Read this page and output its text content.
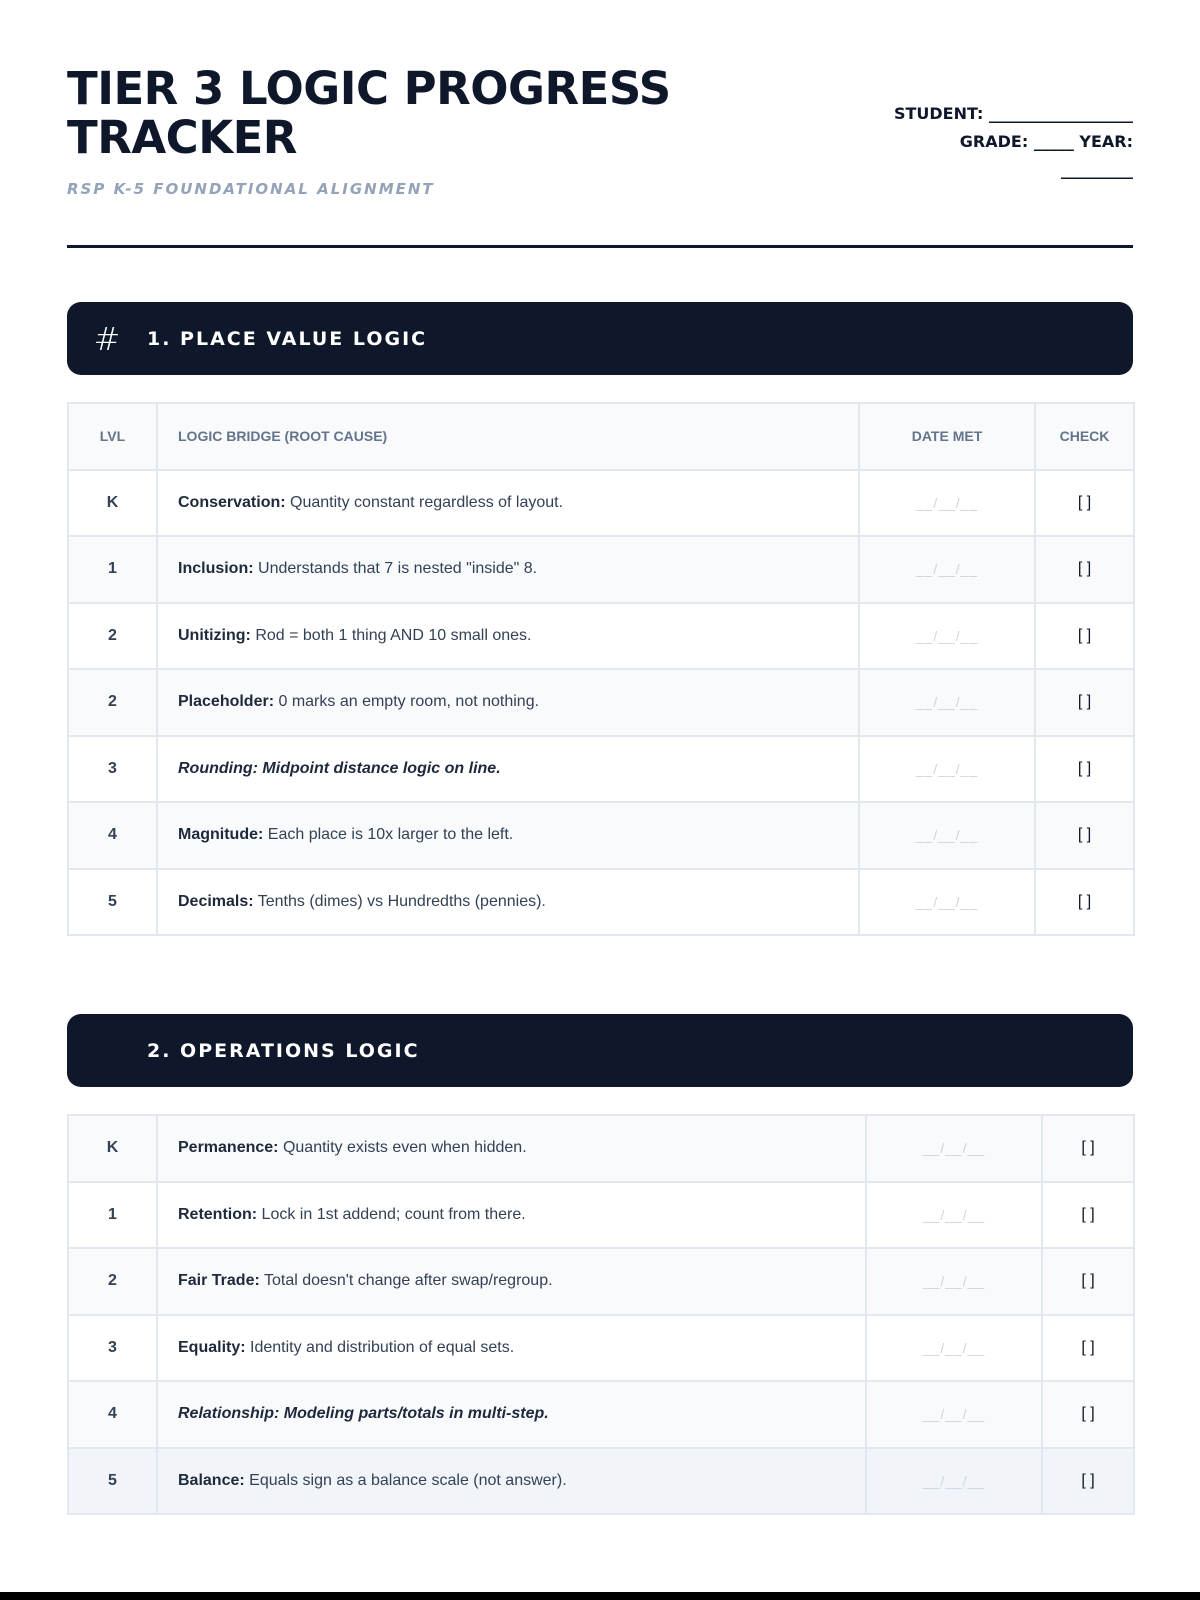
TIER 3 LOGIC PROGRESS TRACKER
RSP K-5 FOUNDATIONAL ALIGNMENT
STUDENT: __________________
GRADE: _____ YEAR:
_________
#	1. PLACE VALUE LOGIC
LVL	LOGIC BRIDGE (ROOT CAUSE)	DATE MET	CHECK
K	Conservation: Quantity constant regardless of layout.	__/__/__	[ ]
1	Inclusion: Understands that 7 is nested "inside" 8.	__/__/__	[ ]
2	Unitizing: Rod = both 1 thing AND 10 small ones.	__/__/__	[ ]
2	Placeholder: 0 marks an empty room, not nothing.	__/__/__	[ ]
3	Rounding: Midpoint distance logic on line.	__/__/__	[ ]
4	Magnitude: Each place is 10x larger to the left.	__/__/__	[ ]
5	Decimals: Tenths (dimes) vs Hundredths (pennies).	__/__/__	[ ]
2. OPERATIONS LOGIC
K	Permanence: Quantity exists even when hidden.	__/__/__	[ ]
1	Retention: Lock in 1st addend; count from there.	__/__/__	[ ]
2	Fair Trade: Total doesn't change after swap/regroup.	__/__/__	[ ]
3	Equality: Identity and distribution of equal sets.	__/__/__	[ ]
4	Relationship: Modeling parts/totals in multi-step.	__/__/__	[ ]
5	Balance: Equals sign as a balance scale (not answer).	__/__/__	[ ]
